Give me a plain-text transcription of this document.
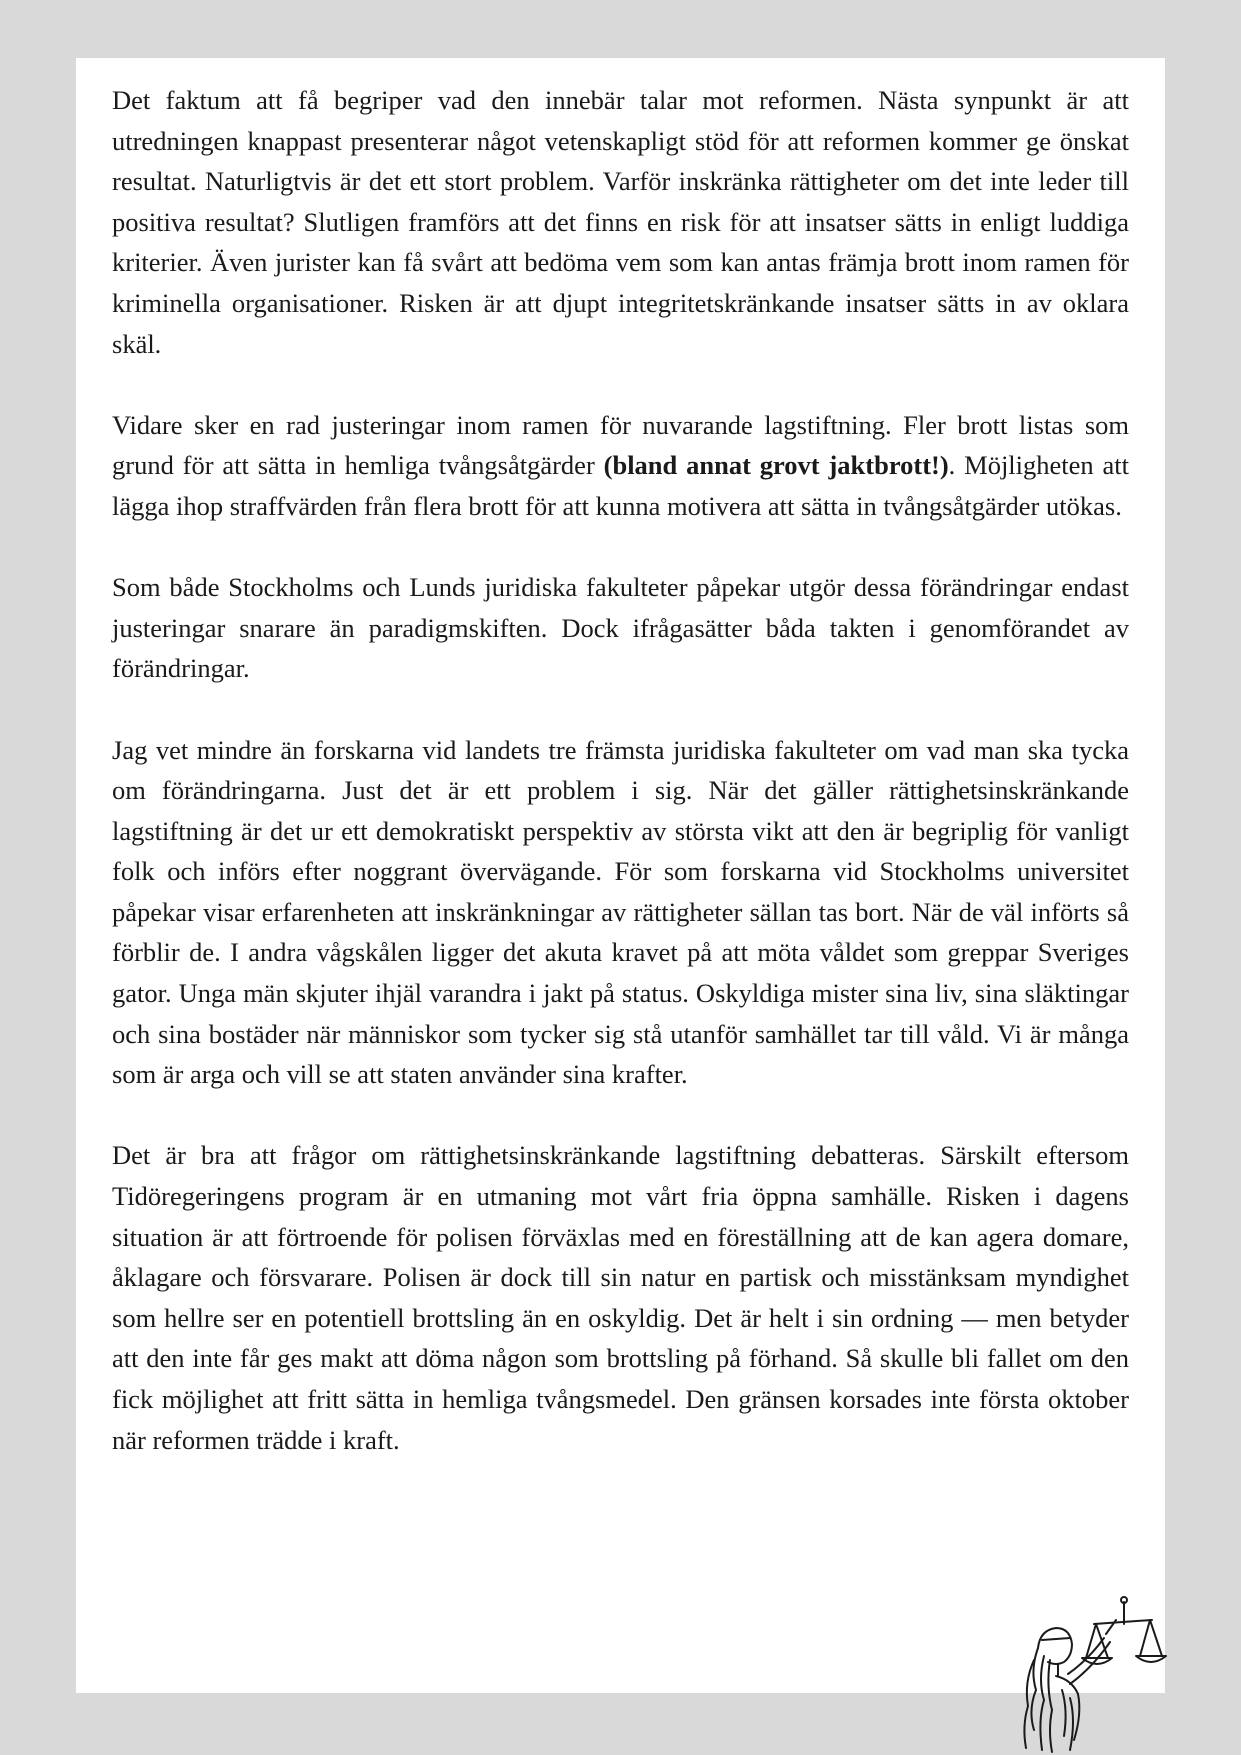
Det faktum att få begriper vad den innebär talar mot reformen. Nästa synpunkt är att utredningen knappast presenterar något vetenskapligt stöd för att reformen kommer ge önskat resultat. Naturligtvis är det ett stort problem. Varför inskränka rättigheter om det inte leder till positiva resultat? Slutligen framförs att det finns en risk för att insatser sätts in enligt luddiga kriterier. Även jurister kan få svårt att bedöma vem som kan antas främja brott inom ramen för kriminella organisationer. Risken är att djupt integritetskränkande insatser sätts in av oklara skäl.

Vidare sker en rad justeringar inom ramen för nuvarande lagstiftning. Fler brott listas som grund för att sätta in hemliga tvångsåtgärder (bland annat grovt jaktbrott!). Möjligheten att lägga ihop straffvärden från flera brott för att kunna motivera att sätta in tvångsåtgärder utökas.

Som både Stockholms och Lunds juridiska fakulteter påpekar utgör dessa förändringar endast justeringar snarare än paradigmskiften. Dock ifrågasätter båda takten i genomförandet av förändringar.

Jag vet mindre än forskarna vid landets tre främsta juridiska fakulteter om vad man ska tycka om förändringarna. Just det är ett problem i sig. När det gäller rättighetsinskränkande lagstiftning är det ur ett demokratiskt perspektiv av största vikt att den är begriplig för vanligt folk och införs efter noggrant övervägande. För som forskarna vid Stockholms universitet påpekar visar erfarenheten att inskränkningar av rättigheter sällan tas bort. När de väl införts så förblir de. I andra vågskålen ligger det akuta kravet på att möta våldet som greppar Sveriges gator. Unga män skjuter ihjäl varandra i jakt på status. Oskyldiga mister sina liv, sina släktingar och sina bostäder när människor som tycker sig stå utanför samhället tar till våld. Vi är många som är arga och vill se att staten använder sina krafter.

Det är bra att frågor om rättighetsinskränkande lagstiftning debatteras. Särskilt eftersom Tidöregeringens program är en utmaning mot vårt fria öppna samhälle. Risken i dagens situation är att förtroende för polisen förväxlas med en föreställning att de kan agera domare, åklagare och försvarare. Polisen är dock till sin natur en partisk och misstänksam myndighet som hellre ser en potentiell brottsling än en oskyldig. Det är helt i sin ordning — men betyder att den inte får ges makt att döma någon som brottsling på förhand. Så skulle bli fallet om den fick möjlighet att fritt sätta in hemliga tvångsmedel. Den gränsen korsades inte första oktober när reformen trädde i kraft.
